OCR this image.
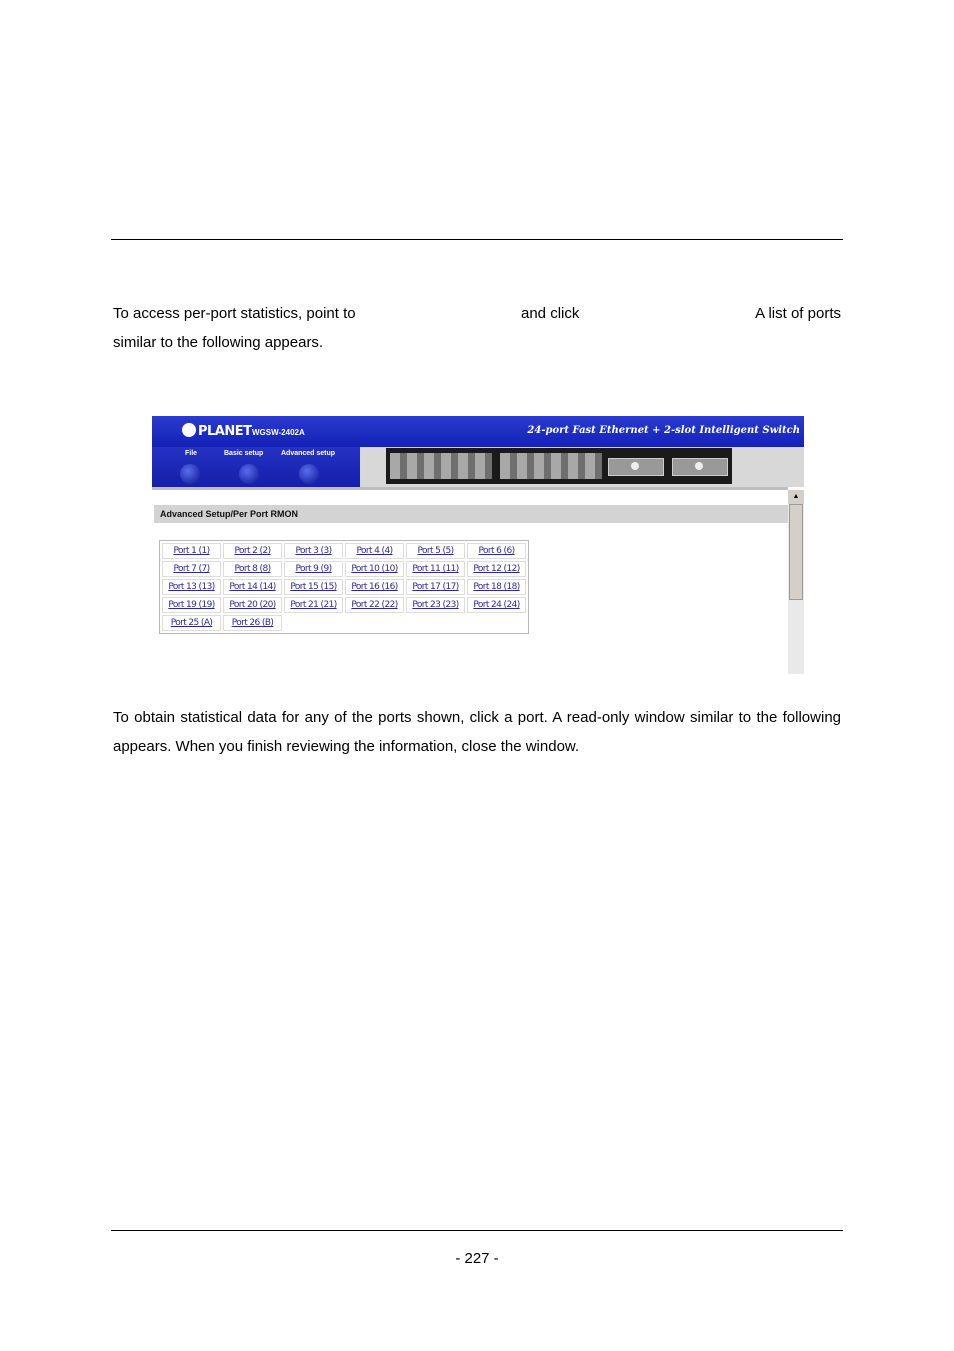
To access per-port statistics, point to	and click	A list of ports
similar to the following appears.
PLANET WGSW-2402A	24-port Fast Ethernet + 2-slot Intelligent Switch
File	Basic setup	Advanced setup
Advanced Setup/Per Port RMON
▲
Port 1 (1)	Port 2 (2)	Port 3 (3)	Port 4 (4)	Port 5 (5)	Port 6 (6)
Port 7 (7)	Port 8 (8)	Port 9 (9)	Port 10 (10)	Port 11 (11)	Port 12 (12)
Port 13 (13)	Port 14 (14)	Port 15 (15)	Port 16 (16)	Port 17 (17)	Port 18 (18)
Port 19 (19)	Port 20 (20)	Port 21 (21)	Port 22 (22)	Port 23 (23)	Port 24 (24)
Port 25 (A)	Port 26 (B)
To obtain statistical data for any of the ports shown, click a port. A read-only window similar to the following appears. When you finish reviewing the information, close the window.
- 227 -
